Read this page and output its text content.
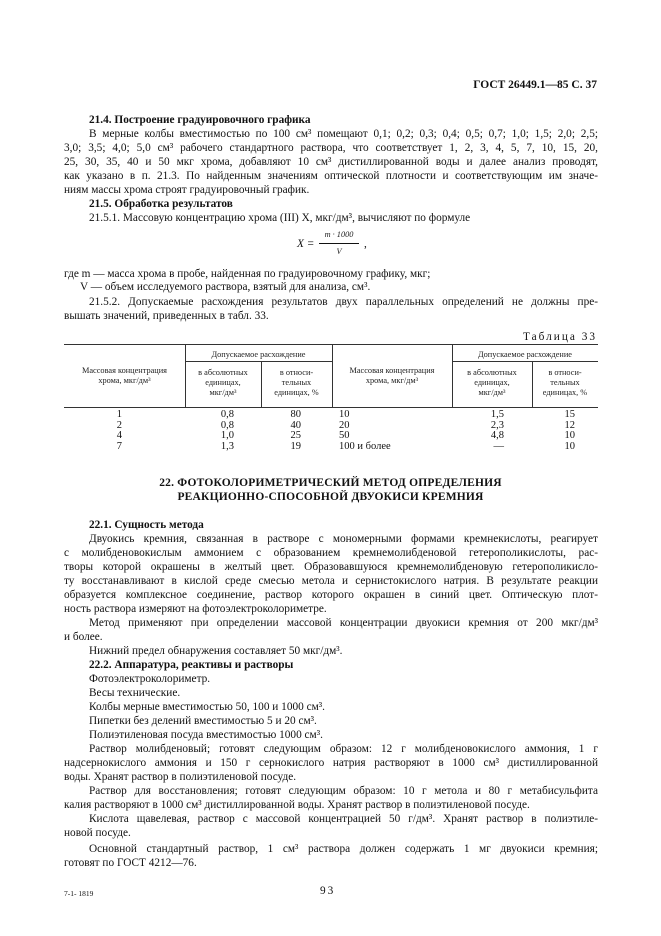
ГОСТ 26449.1—85 С. 37
21.4. Построение градуировочного графика
В мерные колбы вместимостью по 100 см³ помещают 0,1; 0,2; 0,3; 0,4; 0,5; 0,7; 1,0; 1,5; 2,0; 2,5;
3,0; 3,5; 4,0; 5,0 см³ рабочего стандартного раствора, что соответствует 1, 2, 3, 4, 5, 7, 10, 15, 20,
25, 30, 35, 40 и 50 мкг хрома, добавляют 10 см³ дистиллированной воды и далее анализ проводят,
как указано в п. 21.3. По найденным значениям оптической плотности и соответствующим им значе-
ниям массы хрома строят градуировочный график.
21.5. Обработка результатов
21.5.1. Массовую концентрацию хрома (III) X, мкг/дм³, вычисляют по формуле
X =
m · 1000
V
,
где m — масса хрома в пробе, найденная по градуировочному графику, мкг;
V — объем исследуемого раствора, взятый для анализа, см³.
21.5.2. Допускаемые расхождения результатов двух параллельных определений не должны пре-
вышать значений, приведенных в табл. 33.
Таблица 33
Массовая концентрация
хрома, мкг/дм³
Допускаемое расхождение
в абсолютных
единицах,
мкг/дм³
в относи-
тельных
единицах, %
Массовая концентрация
хрома, мкг/дм³
Допускаемое расхождение
в абсолютных
единицах,
мкг/дм³
в относи-
тельных
единицах, %
1
2
4
7
0,8
0,8
1,0
1,3
80
40
25
19
10
20
50
100 и более
1,5
2,3
4,8
—
15
12
10
10
22. ФОТОКОЛОРИМЕТРИЧЕСКИЙ МЕТОД ОПРЕДЕЛЕНИЯ
РЕАКЦИОННО-СПОСОБНОЙ ДВУОКИСИ КРЕМНИЯ
22.1. Сущность метода
Двуокись кремния, связанная в растворе с мономерными формами кремнекислоты, реагирует
с молибденовокислым аммонием с образованием кремнемолибденовой гетерополикислоты, рас-
творы которой окрашены в желтый цвет. Образовавшуюся кремнемолибденовую гетерополикисло-
ту восстанавливают в кислой среде смесью метола и сернистокислого натрия. В результате реакции
образуется комплексное соединение, раствор которого окрашен в синий цвет. Оптическую плот-
ность раствора измеряют на фотоэлектроколориметре.
Метод применяют при определении массовой концентрации двуокиси кремния от 200 мкг/дм³
и более.
Нижний предел обнаружения составляет 50 мкг/дм³.
22.2. Аппаратура, реактивы и растворы
Фотоэлектроколориметр.
Весы технические.
Колбы мерные вместимостью 50, 100 и 1000 см³.
Пипетки без делений вместимостью 5 и 20 см³.
Полиэтиленовая посуда вместимостью 1000 см³.
Раствор молибденовый; готовят следующим образом: 12 г молибденовокислого аммония, 1 г
надсернокислого аммония и 150 г сернокислого натрия растворяют в 1000 см³ дистиллированной
воды. Хранят раствор в полиэтиленовой посуде.
Раствор для восстановления; готовят следующим образом: 10 г метола и 80 г метабисульфита
калия растворяют в 1000 см³ дистиллированной воды. Хранят раствор в полиэтиленовой посуде.
Кислота щавелевая, раствор с массовой концентрацией 50 г/дм³. Хранят раствор в полиэтиле-
новой посуде.
Основной стандартный раствор, 1 см³ раствора должен содержать 1 мг двуокиси кремния;
готовят по ГОСТ 4212—76.
7-1- 1819	93
